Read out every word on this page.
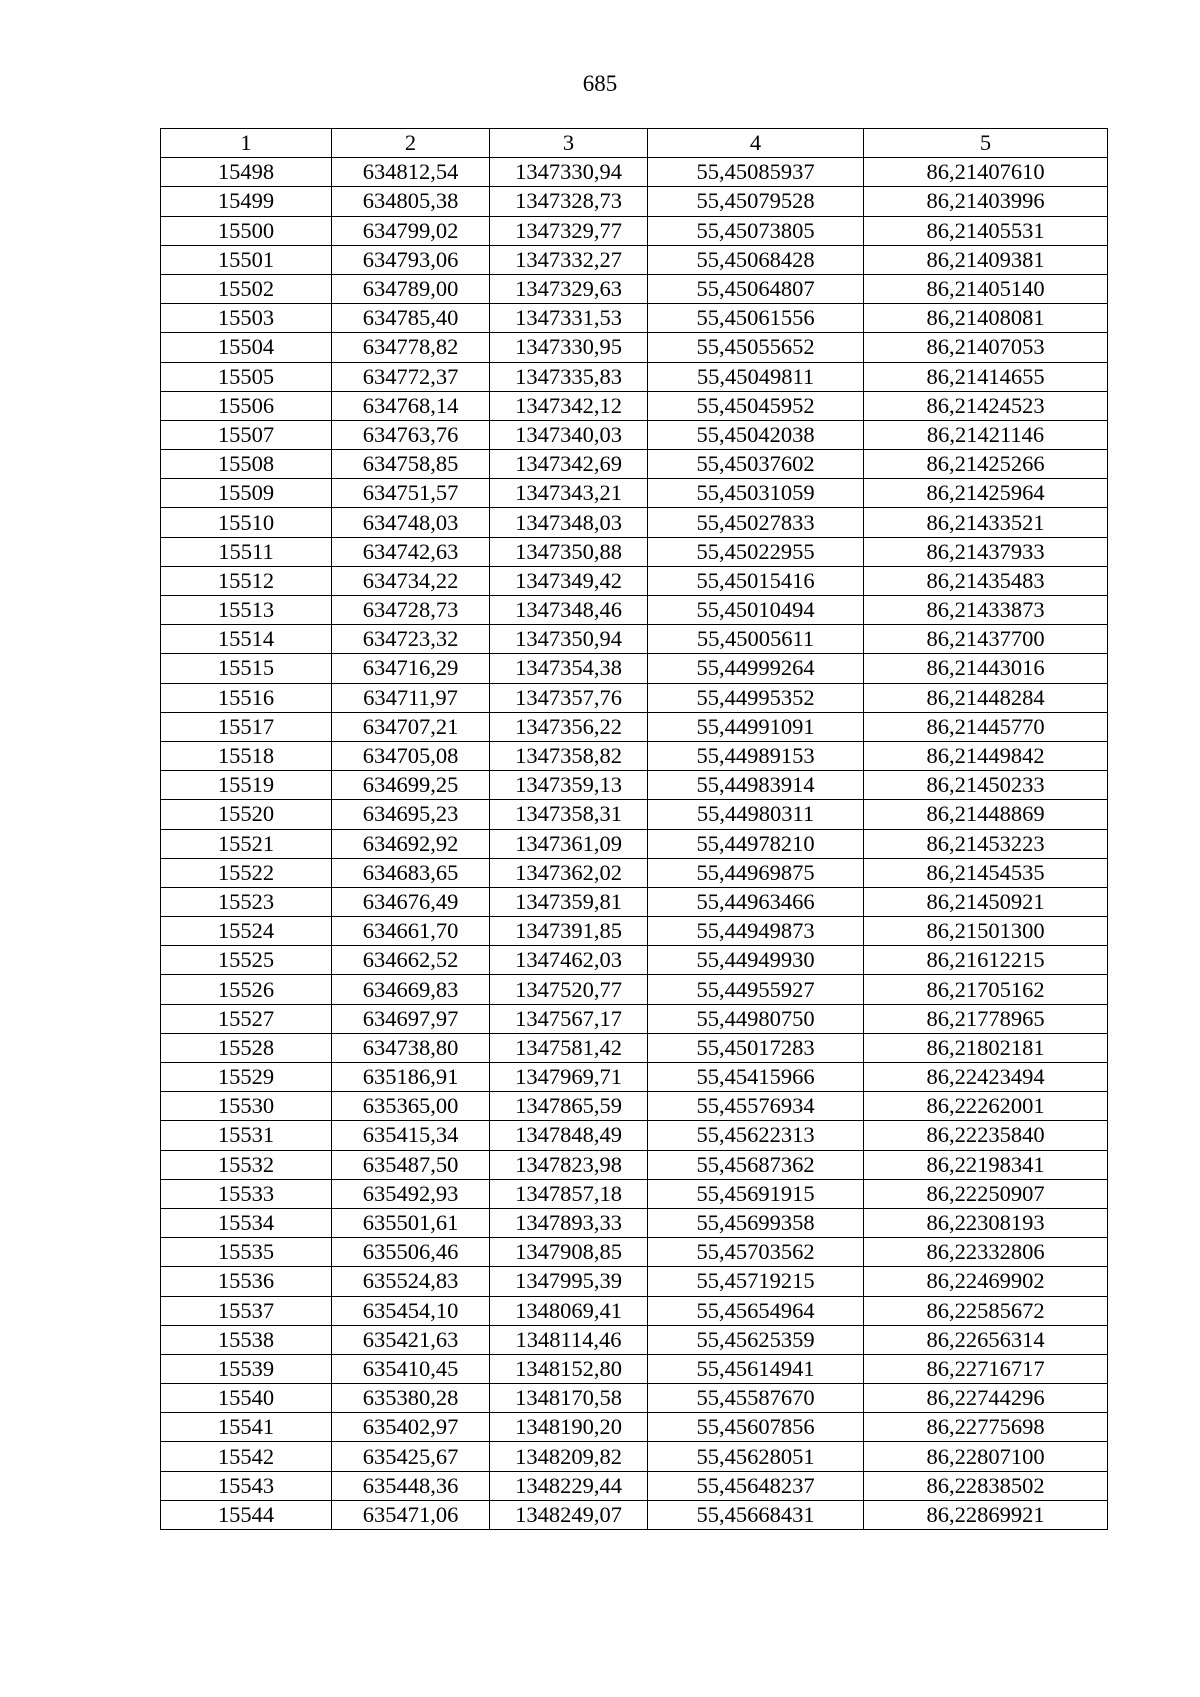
685
1	2	3	4	5
15498	634812,54	1347330,94	55,45085937	86,21407610
15499	634805,38	1347328,73	55,45079528	86,21403996
15500	634799,02	1347329,77	55,45073805	86,21405531
15501	634793,06	1347332,27	55,45068428	86,21409381
15502	634789,00	1347329,63	55,45064807	86,21405140
15503	634785,40	1347331,53	55,45061556	86,21408081
15504	634778,82	1347330,95	55,45055652	86,21407053
15505	634772,37	1347335,83	55,45049811	86,21414655
15506	634768,14	1347342,12	55,45045952	86,21424523
15507	634763,76	1347340,03	55,45042038	86,21421146
15508	634758,85	1347342,69	55,45037602	86,21425266
15509	634751,57	1347343,21	55,45031059	86,21425964
15510	634748,03	1347348,03	55,45027833	86,21433521
15511	634742,63	1347350,88	55,45022955	86,21437933
15512	634734,22	1347349,42	55,45015416	86,21435483
15513	634728,73	1347348,46	55,45010494	86,21433873
15514	634723,32	1347350,94	55,45005611	86,21437700
15515	634716,29	1347354,38	55,44999264	86,21443016
15516	634711,97	1347357,76	55,44995352	86,21448284
15517	634707,21	1347356,22	55,44991091	86,21445770
15518	634705,08	1347358,82	55,44989153	86,21449842
15519	634699,25	1347359,13	55,44983914	86,21450233
15520	634695,23	1347358,31	55,44980311	86,21448869
15521	634692,92	1347361,09	55,44978210	86,21453223
15522	634683,65	1347362,02	55,44969875	86,21454535
15523	634676,49	1347359,81	55,44963466	86,21450921
15524	634661,70	1347391,85	55,44949873	86,21501300
15525	634662,52	1347462,03	55,44949930	86,21612215
15526	634669,83	1347520,77	55,44955927	86,21705162
15527	634697,97	1347567,17	55,44980750	86,21778965
15528	634738,80	1347581,42	55,45017283	86,21802181
15529	635186,91	1347969,71	55,45415966	86,22423494
15530	635365,00	1347865,59	55,45576934	86,22262001
15531	635415,34	1347848,49	55,45622313	86,22235840
15532	635487,50	1347823,98	55,45687362	86,22198341
15533	635492,93	1347857,18	55,45691915	86,22250907
15534	635501,61	1347893,33	55,45699358	86,22308193
15535	635506,46	1347908,85	55,45703562	86,22332806
15536	635524,83	1347995,39	55,45719215	86,22469902
15537	635454,10	1348069,41	55,45654964	86,22585672
15538	635421,63	1348114,46	55,45625359	86,22656314
15539	635410,45	1348152,80	55,45614941	86,22716717
15540	635380,28	1348170,58	55,45587670	86,22744296
15541	635402,97	1348190,20	55,45607856	86,22775698
15542	635425,67	1348209,82	55,45628051	86,22807100
15543	635448,36	1348229,44	55,45648237	86,22838502
15544	635471,06	1348249,07	55,45668431	86,22869921
